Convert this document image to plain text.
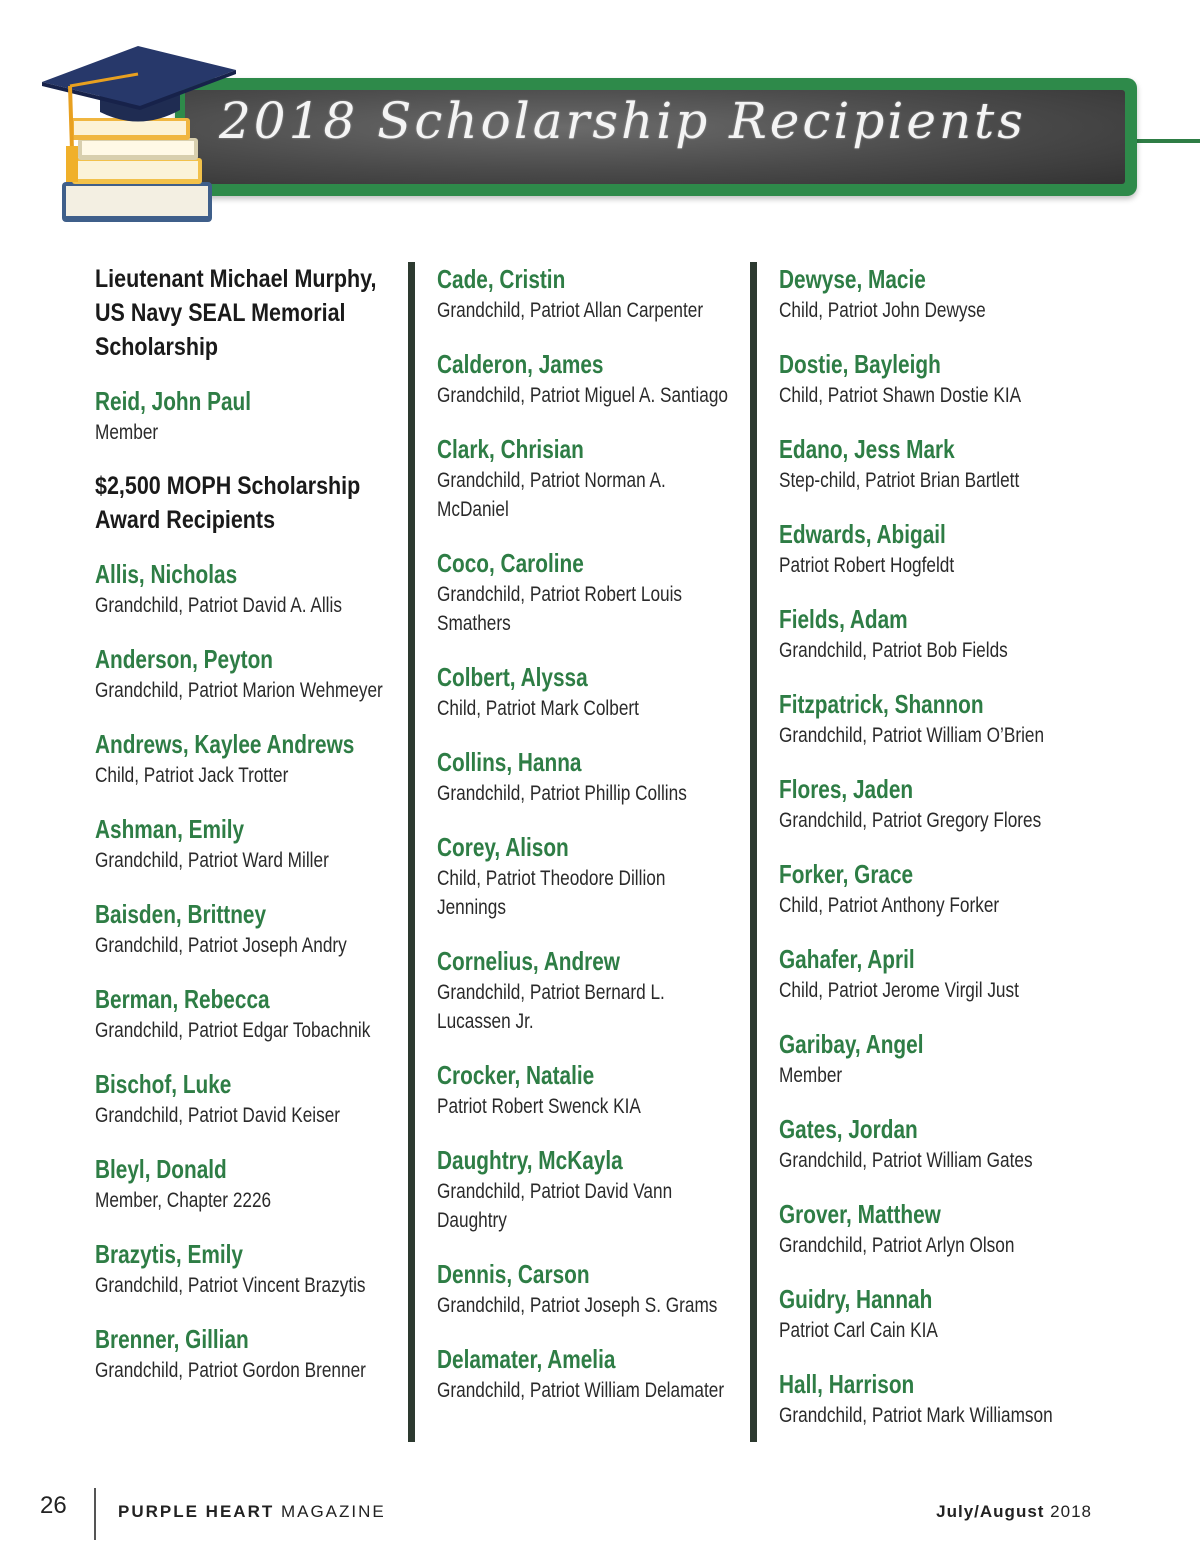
2018 Scholarship Recipients
Lieutenant Michael Murphy,
US Navy SEAL Memorial
Scholarship
Reid, John Paul
Member
$2,500 MOPH Scholarship
Award Recipients
Allis, Nicholas
Grandchild, Patriot David A. Allis
Anderson, Peyton
Grandchild, Patriot Marion Wehmeyer
Andrews, Kaylee Andrews
Child, Patriot Jack Trotter
Ashman, Emily
Grandchild, Patriot Ward Miller
Baisden, Brittney
Grandchild, Patriot Joseph Andry
Berman, Rebecca
Grandchild, Patriot Edgar Tobachnik
Bischof, Luke
Grandchild, Patriot David Keiser
Bleyl, Donald
Member, Chapter 2226
Brazytis, Emily
Grandchild, Patriot Vincent Brazytis
Brenner, Gillian
Grandchild, Patriot Gordon Brenner
Cade, Cristin
Grandchild, Patriot Allan Carpenter
Calderon, James
Grandchild, Patriot Miguel A. Santiago
Clark, Chrisian
Grandchild, Patriot Norman A.
McDaniel
Coco, Caroline
Grandchild, Patriot Robert Louis
Smathers
Colbert, Alyssa
Child, Patriot Mark Colbert
Collins, Hanna
Grandchild, Patriot Phillip Collins
Corey, Alison
Child, Patriot Theodore Dillion
Jennings
Cornelius, Andrew
Grandchild, Patriot Bernard L.
Lucassen Jr.
Crocker, Natalie
Patriot Robert Swenck KIA
Daughtry, McKayla
Grandchild, Patriot David Vann
Daughtry
Dennis, Carson
Grandchild, Patriot Joseph S. Grams
Delamater, Amelia
Grandchild, Patriot William Delamater
Dewyse, Macie
Child, Patriot John Dewyse
Dostie, Bayleigh
Child, Patriot Shawn Dostie KIA
Edano, Jess Mark
Step-child, Patriot Brian Bartlett
Edwards, Abigail
Patriot Robert Hogfeldt
Fields, Adam
Grandchild, Patriot Bob Fields
Fitzpatrick, Shannon
Grandchild, Patriot William O’Brien
Flores, Jaden
Grandchild, Patriot Gregory Flores
Forker, Grace
Child, Patriot Anthony Forker
Gahafer, April
Child, Patriot Jerome Virgil Just
Garibay, Angel
Member
Gates, Jordan
Grandchild, Patriot William Gates
Grover, Matthew
Grandchild, Patriot Arlyn Olson
Guidry, Hannah
Patriot Carl Cain KIA
Hall, Harrison
Grandchild, Patriot Mark Williamson
26	PURPLE HEART MAGAZINE	July/August 2018
